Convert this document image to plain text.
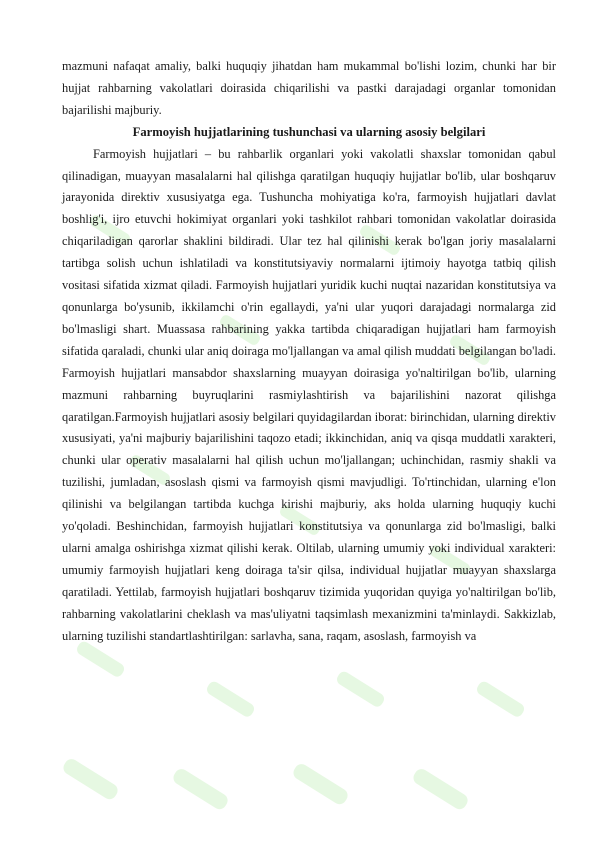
mazmuni nafaqat amaliy, balki huquqiy jihatdan ham mukammal bo'lishi lozim, chunki har bir hujjat rahbarning vakolatlari doirasida chiqarilishi va pastki darajadagi organlar tomonidan bajarilishi majburiy.

Farmoyish hujjatlarining tushunchasi va ularning asosiy belgilari

Farmoyish hujjatlari – bu rahbarlik organlari yoki vakolatli shaxslar tomonidan qabul qilinadigan, muayyan masalalarni hal qilishga qaratilgan huquqiy hujjatlar bo'lib, ular boshqaruv jarayonida direktiv xususiyatga ega. Tushuncha mohiyatiga ko'ra, farmoyish hujjatlari davlat boshlig'i, ijro etuvchi hokimiyat organlari yoki tashkilot rahbari tomonidan vakolatlar doirasida chiqariladigan qarorlar shaklini bildiradi. Ular tez hal qilinishi kerak bo'lgan joriy masalalarni tartibga solish uchun ishlatiladi va konstitutsiyaviy normalarni ijtimoiy hayotga tatbiq qilish vositasi sifatida xizmat qiladi. Farmoyish hujjatlari yuridik kuchi nuqtai nazaridan konstitutsiya va qonunlarga bo'ysunib, ikkilamchi o'rin egallaydi, ya'ni ular yuqori darajadagi normalarga zid bo'lmasligi shart. Muassasa rahbarining yakka tartibda chiqaradigan hujjatlari ham farmoyish sifatida qaraladi, chunki ular aniq doiraga mo'ljallangan va amal qilish muddati belgilangan bo'ladi. Farmoyish hujjatlari mansabdor shaxslarning muayyan doirasiga yo'naltirilgan bo'lib, ularning mazmuni rahbarning buyruqlarini rasmiylashtirish va bajarilishini nazorat qilishga qaratilgan.Farmoyish hujjatlari asosiy belgilari quyidagilardan iborat: birinchidan, ularning direktiv xususiyati, ya'ni majburiy bajarilishini taqozo etadi; ikkinchidan, aniq va qisqa muddatli xarakteri, chunki ular operativ masalalarni hal qilish uchun mo'ljallangan; uchinchidan, rasmiy shakli va tuzilishi, jumladan, asoslash qismi va farmoyish qismi mavjudligi. To'rtinchidan, ularning e'lon qilinishi va belgilangan tartibda kuchga kirishi majburiy, aks holda ularning huquqiy kuchi yo'qoladi. Beshinchidan, farmoyish hujjatlari konstitutsiya va qonunlarga zid bo'lmasligi, balki ularni amalga oshirishga xizmat qilishi kerak. Oltilab, ularning umumiy yoki individual xarakteri: umumiy farmoyish hujjatlari keng doiraga ta'sir qilsa, individual hujjatlar muayyan shaxslarga qaratiladi. Yettilab, farmoyish hujjatlari boshqaruv tizimida yuqoridan quyiga yo'naltirilgan bo'lib, rahbarning vakolatlarini cheklash va mas'uliyatni taqsimlash mexanizmini ta'minlaydi. Sakkizlab, ularning tuzilishi standartlashtirilgan: sarlavha, sana, raqam, asoslash, farmoyish va
